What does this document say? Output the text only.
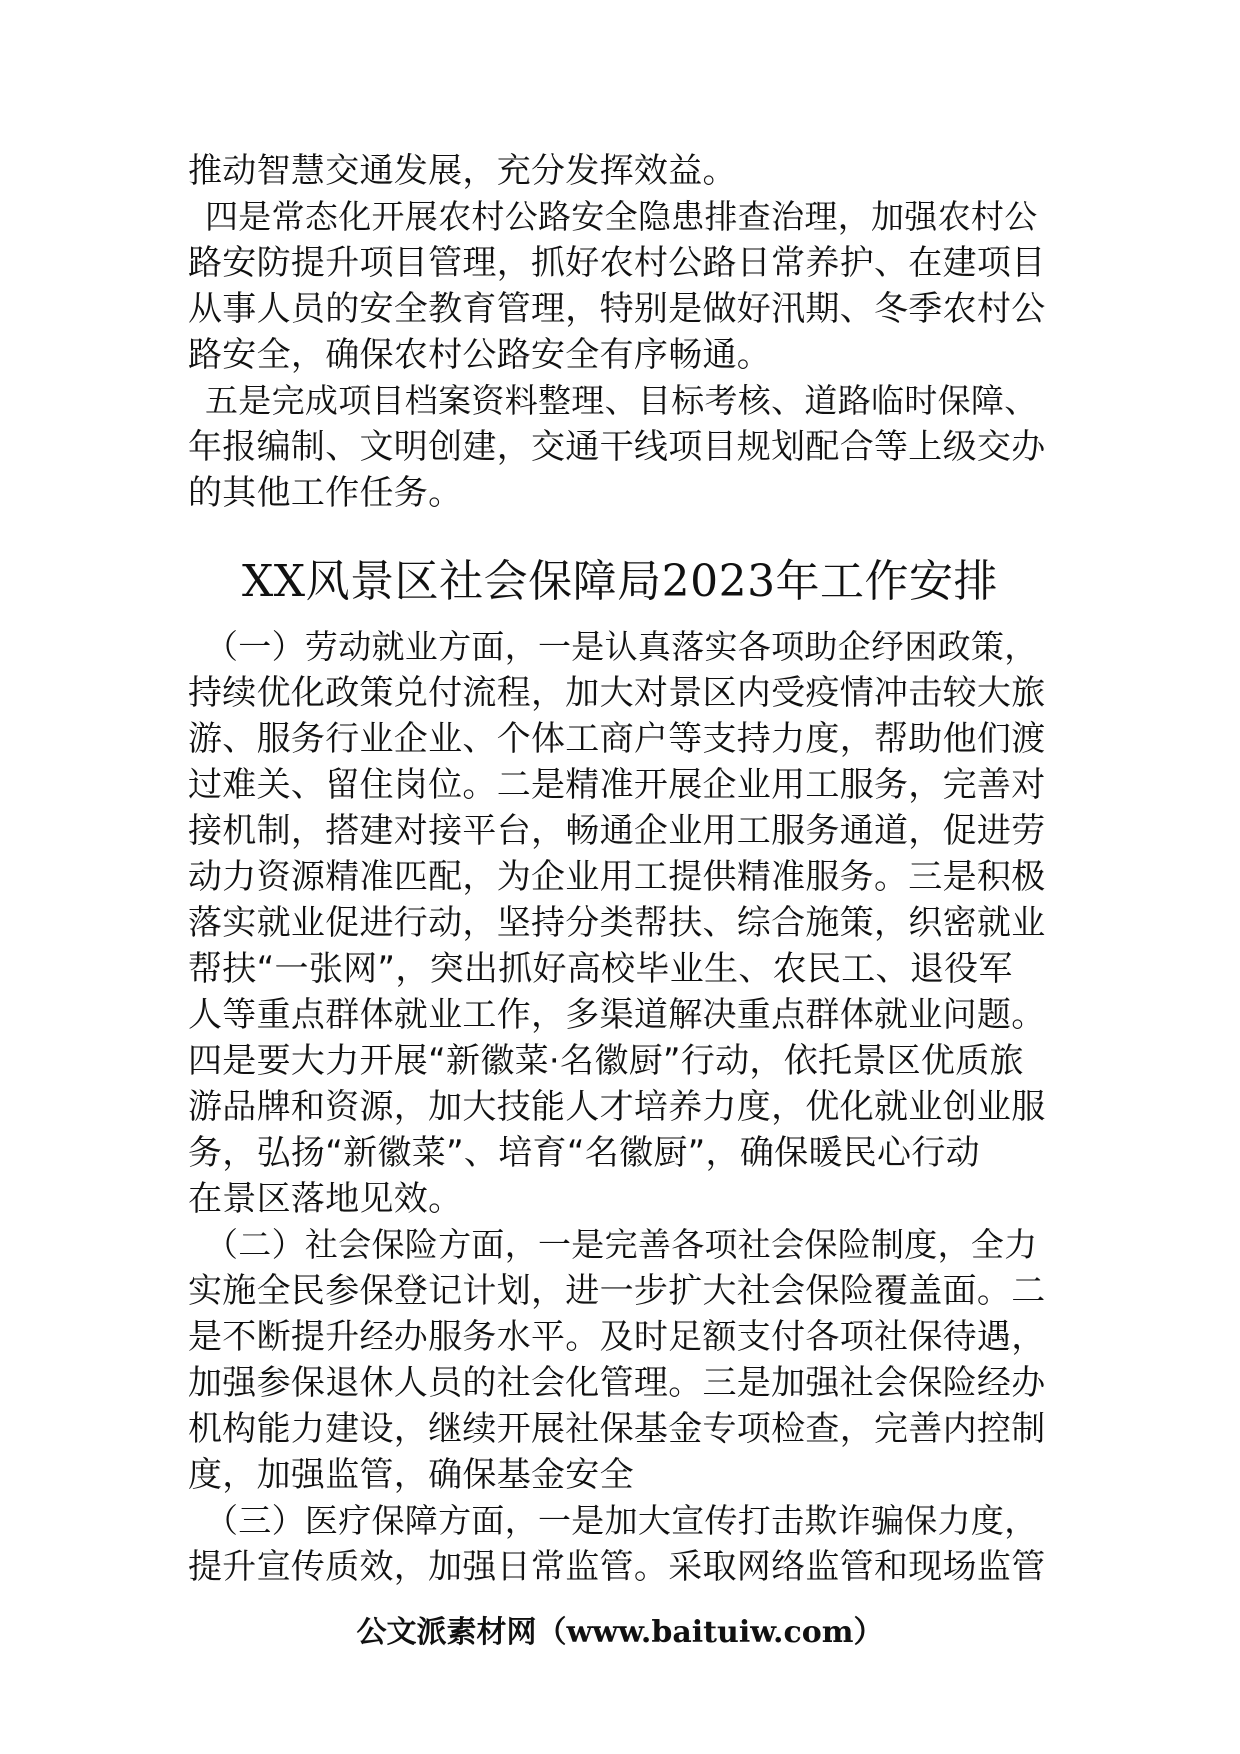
推动智慧交通发展，充分发挥效益。
四是常态化开展农村公路安全隐患排查治理，加强农村公
路安防提升项目管理，抓好农村公路日常养护、在建项目
从事人员的安全教育管理，特别是做好汛期、冬季农村公
路安全，确保农村公路安全有序畅通。
五是完成项目档案资料整理、目标考核、道路临时保障、
年报编制、文明创建，交通干线项目规划配合等上级交办
的其他工作任务。
XX风景区社会保障局2023年工作安排
（一）劳动就业方面，一是认真落实各项助企纾困政策，
持续优化政策兑付流程，加大对景区内受疫情冲击较大旅
游、服务行业企业、个体工商户等支持力度，帮助他们渡
过难关、留住岗位。二是精准开展企业用工服务，完善对
接机制，搭建对接平台，畅通企业用工服务通道，促进劳
动力资源精准匹配，为企业用工提供精准服务。三是积极
落实就业促进行动，坚持分类帮扶、综合施策，织密就业
帮扶“一张网”，突出抓好高校毕业生、农民工、退役军
人等重点群体就业工作，多渠道解决重点群体就业问题。
四是要大力开展“新徽菜·名徽厨”行动，依托景区优质旅
游品牌和资源，加大技能人才培养力度，优化就业创业服
务，弘扬“新徽菜”、培育“名徽厨”，确保暖民心行动
在景区落地见效。
（二）社会保险方面，一是完善各项社会保险制度，全力
实施全民参保登记计划，进一步扩大社会保险覆盖面。二
是不断提升经办服务水平。及时足额支付各项社保待遇，
加强参保退休人员的社会化管理。三是加强社会保险经办
机构能力建设，继续开展社保基金专项检查，完善内控制
度，加强监管，确保基金安全
（三）医疗保障方面，一是加大宣传打击欺诈骗保力度，
提升宣传质效，加强日常监管。采取网络监管和现场监管
公文派素材网（www.baituiw.com）
